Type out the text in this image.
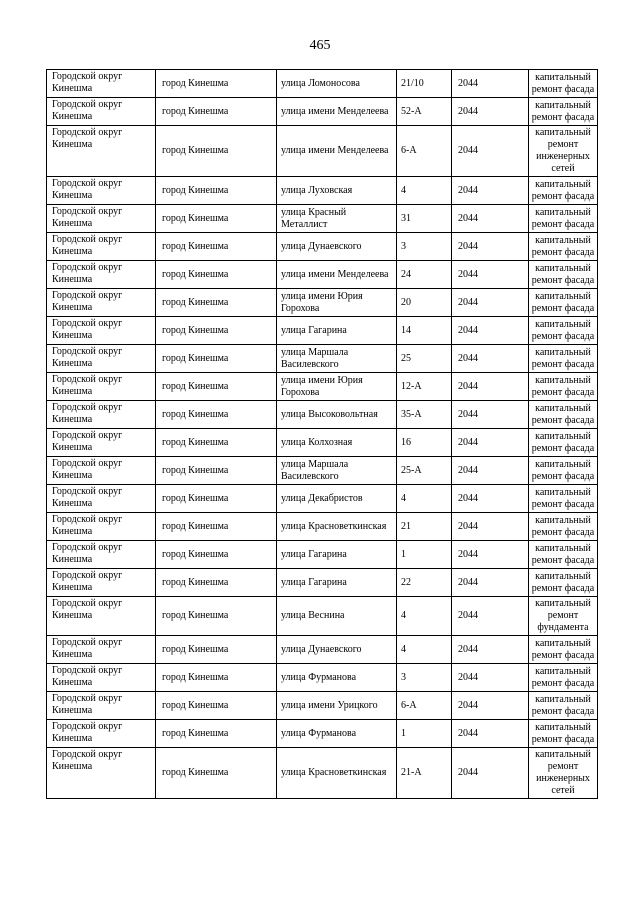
465
Городской округ Кинешма	город Кинешма	улица Ломоносова	21/10	2044	капитальный ремонт фасада
Городской округ Кинешма	город Кинешма	улица имени Менделеева	52-А	2044	капитальный ремонт фасада
Городской округ Кинешма	город Кинешма	улица имени Менделеева	6-А	2044	капитальный ремонт инженерных сетей
Городской округ Кинешма	город Кинешма	улица Луховская	4	2044	капитальный ремонт фасада
Городской округ Кинешма	город Кинешма	улица Красный Металлист	31	2044	капитальный ремонт фасада
Городской округ Кинешма	город Кинешма	улица Дунаевского	3	2044	капитальный ремонт фасада
Городской округ Кинешма	город Кинешма	улица имени Менделеева	24	2044	капитальный ремонт фасада
Городской округ Кинешма	город Кинешма	улица имени Юрия Горохова	20	2044	капитальный ремонт фасада
Городской округ Кинешма	город Кинешма	улица Гагарина	14	2044	капитальный ремонт фасада
Городской округ Кинешма	город Кинешма	улица Маршала Василевского	25	2044	капитальный ремонт фасада
Городской округ Кинешма	город Кинешма	улица имени Юрия Горохова	12-А	2044	капитальный ремонт фасада
Городской округ Кинешма	город Кинешма	улица Высоковольтная	35-А	2044	капитальный ремонт фасада
Городской округ Кинешма	город Кинешма	улица Колхозная	16	2044	капитальный ремонт фасада
Городской округ Кинешма	город Кинешма	улица Маршала Василевского	25-А	2044	капитальный ремонт фасада
Городской округ Кинешма	город Кинешма	улица Декабристов	4	2044	капитальный ремонт фасада
Городской округ Кинешма	город Кинешма	улица Красноветкинская	21	2044	капитальный ремонт фасада
Городской округ Кинешма	город Кинешма	улица Гагарина	1	2044	капитальный ремонт фасада
Городской округ Кинешма	город Кинешма	улица Гагарина	22	2044	капитальный ремонт фасада
Городской округ Кинешма	город Кинешма	улица Веснина	4	2044	капитальный ремонт фундамента
Городской округ Кинешма	город Кинешма	улица Дунаевского	4	2044	капитальный ремонт фасада
Городской округ Кинешма	город Кинешма	улица Фурманова	3	2044	капитальный ремонт фасада
Городской округ Кинешма	город Кинешма	улица имени Урицкого	6-А	2044	капитальный ремонт фасада
Городской округ Кинешма	город Кинешма	улица Фурманова	1	2044	капитальный ремонт фасада
Городской округ Кинешма	город Кинешма	улица Красноветкинская	21-А	2044	капитальный ремонт инженерных сетей
